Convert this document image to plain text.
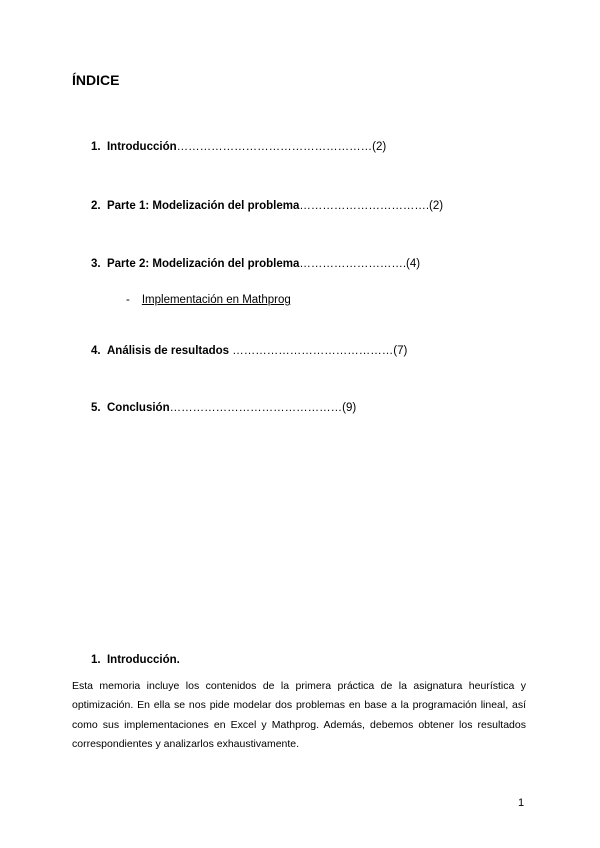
ÍNDICE
1. Introducción……………………………………………(2)
2. Parte 1: Modelización del problema…………………………….(2)
3. Parte 2: Modelización del problema……………………….(4)
- Implementación en Mathprog
4. Análisis de resultados ……………………………………(7)
5. Conclusión………………………………………(9)
1. Introducción.
Esta memoria incluye los contenidos de la primera práctica de la asignatura heurística y optimización. En ella se nos pide modelar dos problemas en base a la programación lineal, así como sus implementaciones en Excel y Mathprog. Además, debemos obtener los resultados correspondientes y analizarlos exhaustivamente.
1
